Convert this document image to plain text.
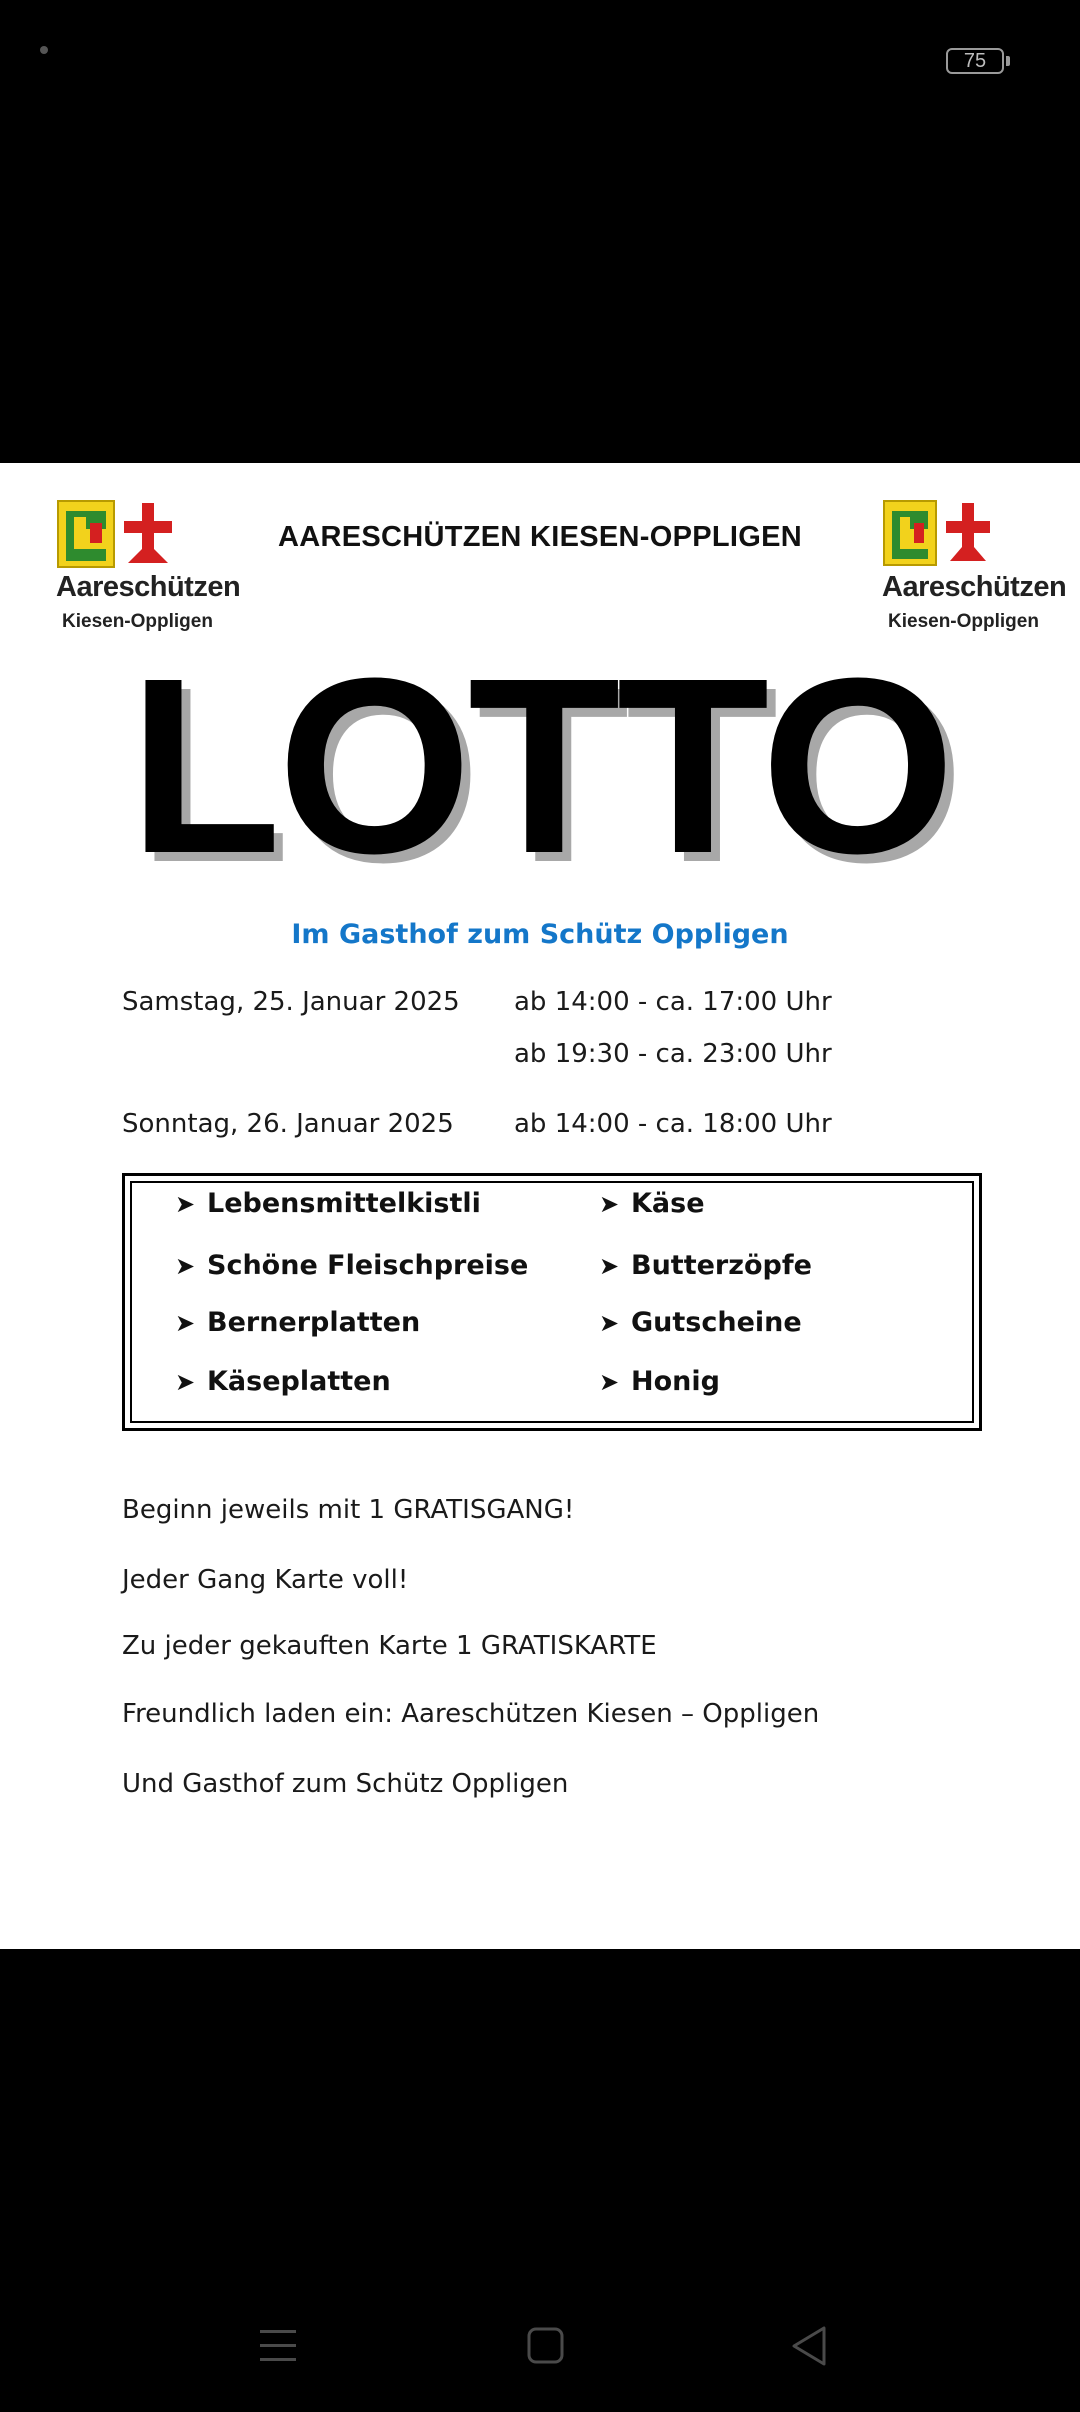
75
Aareschützen
Kiesen-Oppligen
AARESCHÜTZEN KIESEN-OPPLIGEN
Aareschützen
Kiesen-Oppligen
LOTTO
Im Gasthof zum Schütz Oppligen
Samstag, 25. Januar 2025 ab 14:00 - ca. 17:00 Uhr
ab 19:30 - ca. 23:00 Uhr
Sonntag, 26. Januar 2025 ab 14:00 - ca. 18:00 Uhr
➤ Lebensmittelkistli
➤ Schöne Fleischpreise
➤ Bernerplatten
➤ Käseplatten
➤ Käse
➤ Butterzöpfe
➤ Gutscheine
➤ Honig
Beginn jeweils mit 1 GRATISGANG!
Jeder Gang Karte voll!
Zu jeder gekauften Karte 1 GRATISKARTE
Freundlich laden ein: Aareschützen Kiesen – Oppligen
Und Gasthof zum Schütz Oppligen
